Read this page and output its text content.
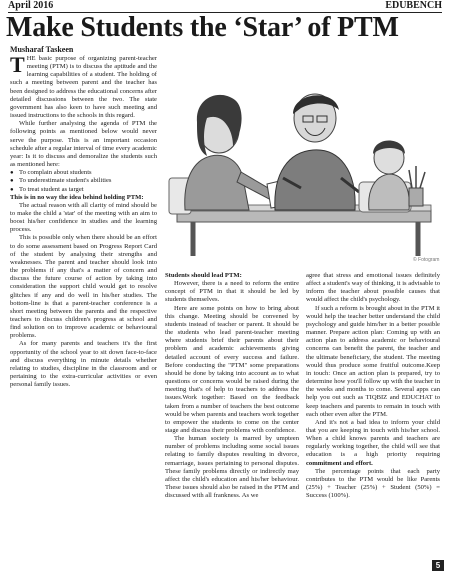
April 2016	EDUBENCH
Make Students the ‘Star’ of PTM
Musharaf Taskeen

THE basic purpose of organizing parent-teacher meeting (PTM) is to discuss the aptitude and the learning capabilities of a student. The holding of such a meeting between parent and the teacher has been designed to address the educational concerns after detailed discussions between the two. The state government has also keen to have such meeting and issued instructions to the schools in this regard.

While further analysing the agenda of PTM the following points as mentioned below would never serve the purpose. This is an important occasion schedule after a regular interval of time every academic year: Is it to discuss and demoralize the students such as mentioned here:

● To complain about students
● To underestimate student's abilities
● To treat student as target

This is in no way the idea behind holding PTM:

The actual reason with all clarity of mind should be to make the child a 'star' of the meeting with an aim to boost his/her confidence in studies and the learning process.

This is possible only when there should be an effort to do some assessment based on Progress Report Card of the student by analysing their strengths and weaknesses. The parent and teacher should look into the problems if any that's a matter of concern and discuss the future course of action by taking into consideration the support child would get to resolve glitches if any and do well in his/her studies. The bottom-line is that a parent-teacher conference is a short meeting between the parents and the respective teachers to discuss children's progress at school and find solution on to improve academic or behavioural problems.

As for many parents and teachers it's the first opportunity of the school year to sit down face-to-face and discuss everything in minute details whether relating to studies, discipline in the classroom and or pertaining to the extra-curricular activities or even personal family issues.

© Fotogram

Students should lead PTM:

However, there is a need to reform the entire concept of PTM in that it should be led by students themselves.

Here are some points on how to bring about this change. Meeting should be convened by students instead of teacher or parent. It should be the students who lead parent-teacher meeting where students brief their parents about their problem and academic achievements giving detailed account of every success and failure. Before conducting the "PTM" some preparations should be done by taking into account as to what questions or concerns would be raised during the meeting that's of help to teachers to address the issues.Work together: Based on the feedback taken from a number of teachers the best outcome would be when parents and teachers work together to empower the students to come on the center stage and discuss their problems with confidence.

The human society is marred by umpteen number of problems including some social issues relating to family disputes resulting in divorce, remarriage, issues pertaining to personal disputes. These family problems directly or indirectly may affect the child's education and his/her behaviour. These issues should also be raised in the PTM and discussed with all frankness. As we

agree that stress and emotional issues definitely affect a student's way of thinking, it is advisable to inform the teacher about possible causes that would affect the child's psychology.

If such a reform is brought about in the PTM it would help the teacher better understand the child psychology and guide him/her in a better possible manner. Prepare action plan: Coming up with an action plan to address academic or behavioural concerns can benefit the parent, the teacher and the ultimate beneficiary, the student. The meeting would thus produce some fruitful outcome.Keep in touch: Once an action plan is prepared, try to determine how you'll follow up with the teacher in the weeks and months to come. Several apps can help you out such as TIQBIZ and EDUCHAT to keep teachers and parents to remain in touch with each other even after the PTM.

And it's not a bad idea to inform your child that you are keeping in touch with his/her school. When a child knows parents and teachers are regularly working together, the child will see that education is a high priority requiring commitment and effort.

The percentage points that each party contributes to the PTM would be like Parents (25%) + Teacher (25%) + Student (50%) = Success (100%).

5
